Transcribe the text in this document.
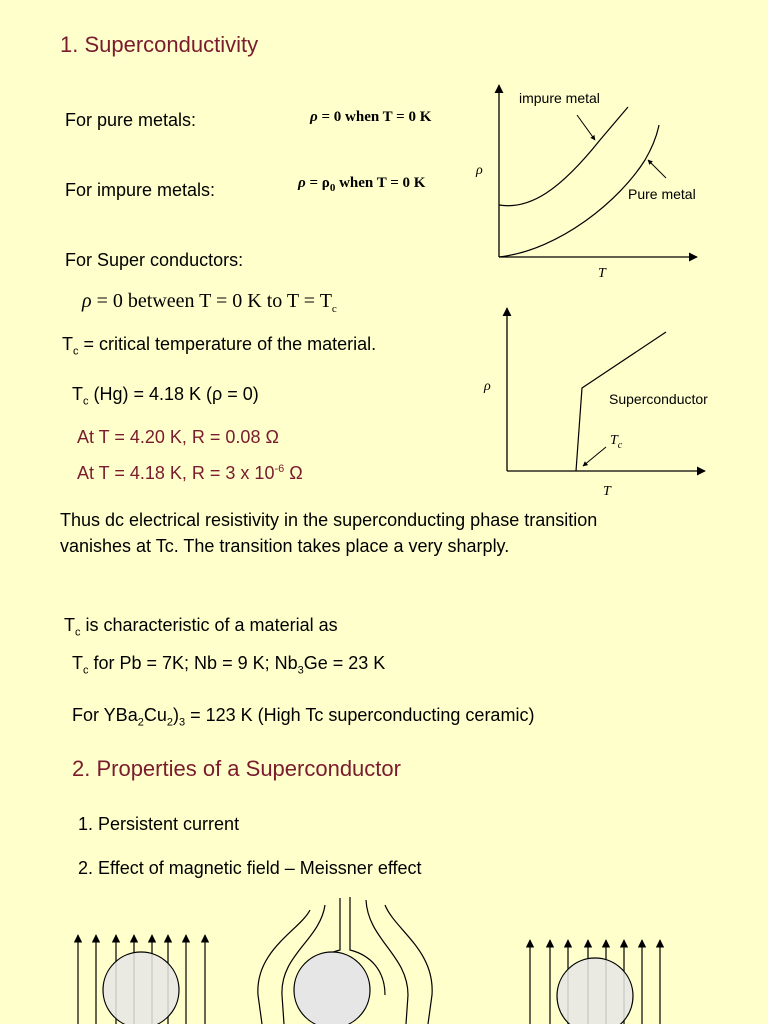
1. Superconductivity
For pure metals:	ρ = 0 when T = 0 K
For impure metals:	$\rho = \rho_0$ when T = 0 K
For Super conductors:
ρ = 0 between T = 0 K to $T = T_c$
$T_c$ = critical temperature of the material.
$T_c$ (Hg) = 4.18 K (ρ = 0)
At T = 4.20 K, R = 0.08 Ω
At T = 4.18 K, R = 3 x $10^{-6}$ Ω
Thus dc electrical resistivity in the superconducting phase transition
vanishes at Tc. The transition takes place a very sharply.
$T_c$ is characteristic of a material as
$T_c$ for Pb = 7K; Nb = 9 K; $Nb_3Ge = 23$ K
For $YBa_2Cu_2)_3 = 123$ K (High Tc superconducting ceramic)
2. Properties of a Superconductor
1. Persistent current
2. Effect of magnetic field – Meissner effect
ρ
T
impure metal
Pure metal
ρ
T
Superconductor
$T_c$
